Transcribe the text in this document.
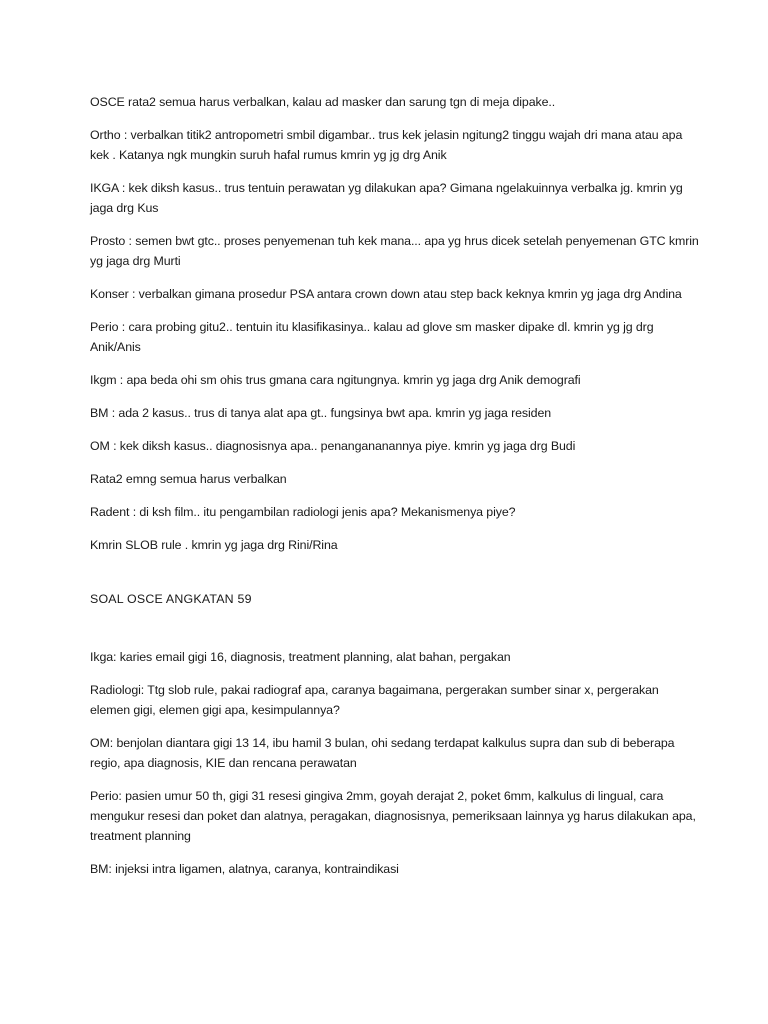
OSCE rata2 semua harus verbalkan, kalau ad masker dan sarung tgn di meja dipake..

Ortho : verbalkan titik2 antropometri smbil digambar.. trus kek jelasin ngitung2 tinggu wajah dri mana atau apa kek . Katanya ngk mungkin suruh hafal rumus kmrin yg jg drg Anik

IKGA : kek diksh kasus.. trus tentuin perawatan yg dilakukan apa? Gimana ngelakuinnya verbalka jg. kmrin yg jaga drg Kus

Prosto : semen bwt gtc.. proses penyemenan tuh kek mana... apa yg hrus dicek setelah penyemenan GTC kmrin yg jaga drg Murti

Konser : verbalkan gimana prosedur PSA antara crown down atau step back keknya kmrin yg jaga drg Andina

Perio : cara probing gitu2.. tentuin itu klasifikasinya.. kalau ad glove sm masker dipake dl. kmrin yg jg drg Anik/Anis

Ikgm : apa beda ohi sm ohis trus gmana cara ngitungnya. kmrin yg jaga drg Anik demografi

BM : ada 2 kasus.. trus di tanya alat apa gt.. fungsinya bwt apa. kmrin yg jaga residen

OM : kek diksh kasus.. diagnosisnya apa.. penangananannya piye. kmrin yg jaga drg Budi

Rata2 emng semua harus verbalkan

Radent : di ksh film.. itu pengambilan radiologi jenis apa? Mekanismenya piye?

Kmrin SLOB rule . kmrin yg jaga drg Rini/Rina

SOAL OSCE ANGKATAN 59

Ikga: karies email gigi 16, diagnosis, treatment planning, alat bahan, pergakan

Radiologi: Ttg slob rule, pakai radiograf apa, caranya bagaimana, pergerakan sumber sinar x, pergerakan elemen gigi, elemen gigi apa, kesimpulannya?

OM: benjolan diantara gigi 13 14, ibu hamil 3 bulan, ohi sedang terdapat kalkulus supra dan sub di beberapa regio, apa diagnosis, KIE dan rencana perawatan

Perio: pasien umur 50 th, gigi 31 resesi gingiva 2mm, goyah derajat 2, poket 6mm, kalkulus di lingual, cara mengukur resesi dan poket dan alatnya, peragakan, diagnosisnya, pemeriksaan lainnya yg harus dilakukan apa, treatment planning

BM: injeksi intra ligamen, alatnya, caranya, kontraindikasi
